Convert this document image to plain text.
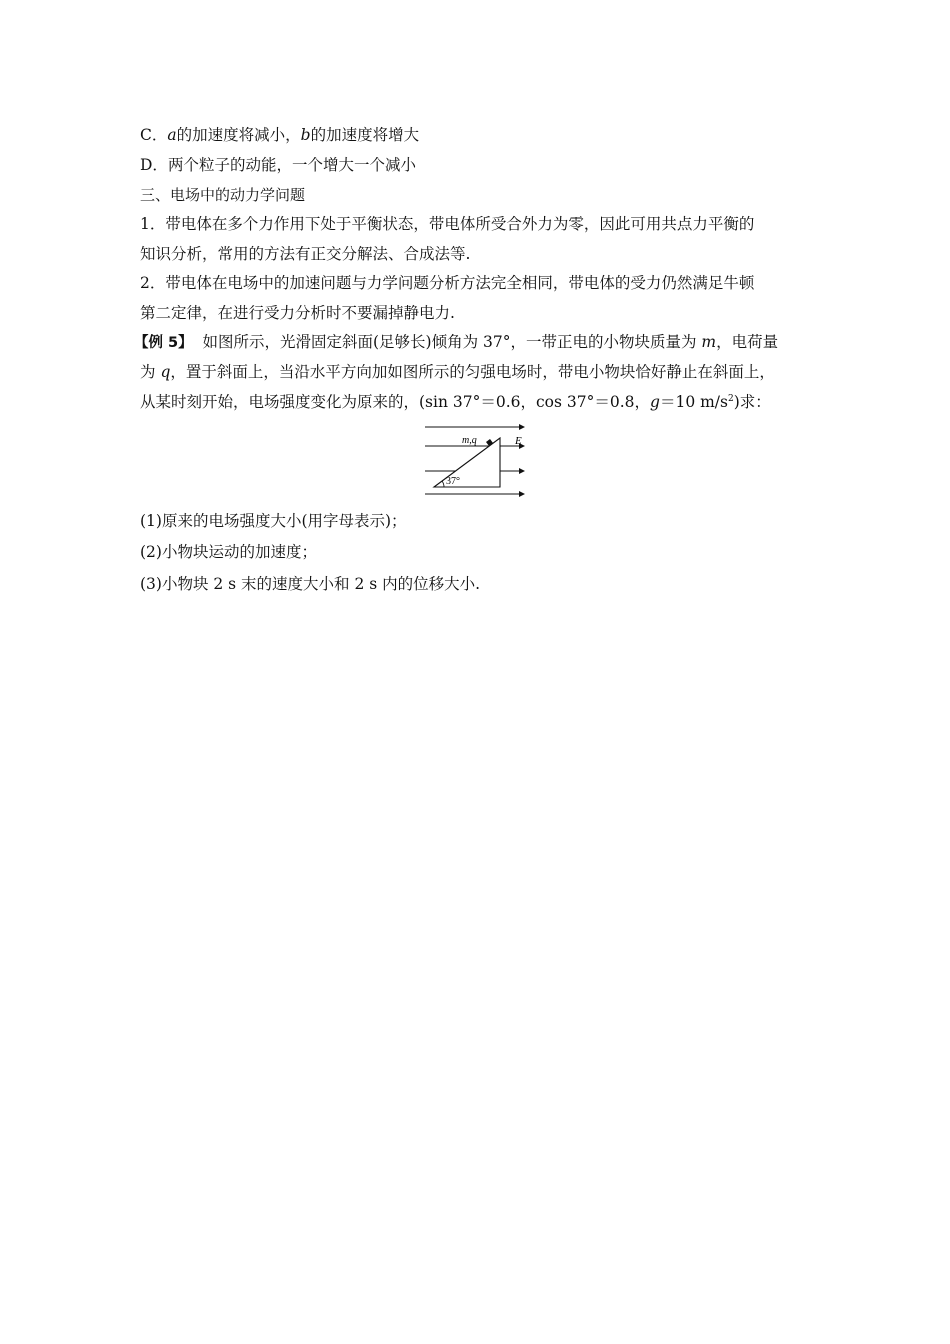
C．a的加速度将减小，b的加速度将增大
D．两个粒子的动能，一个增大一个减小
三、电场中的动力学问题
1．带电体在多个力作用下处于平衡状态，带电体所受合外力为零，因此可用共点力平衡的
知识分析，常用的方法有正交分解法、合成法等.
2．带电体在电场中的加速问题与力学问题分析方法完全相同，带电体的受力仍然满足牛顿
第二定律，在进行受力分析时不要漏掉静电力.
【例 5】  如图所示，光滑固定斜面(足够长)倾角为 37°，一带正电的小物块质量为 m，电荷量
为 q，置于斜面上，当沿水平方向加如图所示的匀强电场时，带电小物块恰好静止在斜面上，
从某时刻开始，电场强度变化为原来的，(sin 37°＝0.6，cos 37°＝0.8，g＝10 $m/s^2$)求：
m,q	E
37°
(1)原来的电场强度大小(用字母表示)；
(2)小物块运动的加速度；
(3)小物块 2 s 末的速度大小和 2 s 内的位移大小.
